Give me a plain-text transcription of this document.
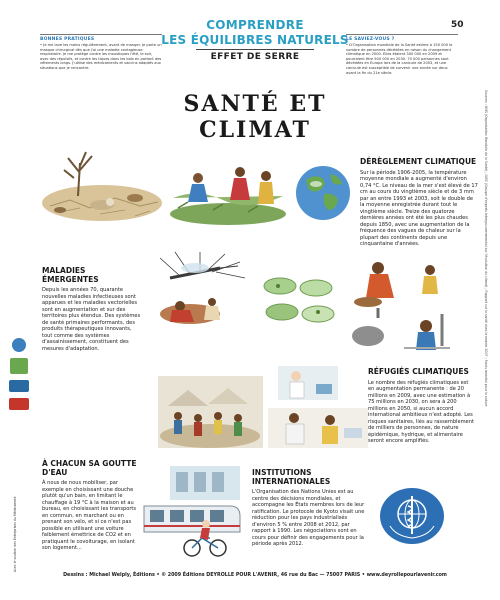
BONNES PRATIQUES
• Je me lave les mains régulièrement, avant de manger. Je porte un masque chirurgical dès que j'ai une maladie contagieuse respiratoire. Je me protège contre les moustiques l'été, le soir, avec des répulsifs, et contre les tiques dans les bois en portant des vêtements longs. J'utilise des médicaments et vaccins adaptés aux situations que je rencontre.
COMPRENDRE
LES ÉQUILIBRES NATURELS
EFFET DE SERRE
LE SAVIEZ-VOUS ?
• D'Organisation mondiale de la Santé estime à 150 000 le nombre de personnes décédées en raison du changement climatique en 2000. Elles étaient 300 000 en 2009 et pourraient être 500 000 en 2030. 70 000 personnes sont décédées en Europe lors de la canicule de 2003, et une canicule est susceptible de survenir une année sur deux avant la fin du 21e siècle.
50
SANTÉ ET CLIMAT
DÉRÈGLEMENT CLIMATIQUE
Sur la période 1906-2005, la température moyenne mondiale a augmenté d'environ 0,74 °C. Le niveau de la mer s'est élevé de 17 cm au cours du vingtième siècle et de 3 mm par an entre 1993 et 2003, soit le double de la moyenne enregistrée durant tout le vingtième siècle. Treize des quatorze dernières années ont été les plus chaudes depuis 1850, avec une augmentation de la fréquence des vagues de chaleur sur la plupart des continents depuis une cinquantaine d'années.
MALADIES ÉMERGENTES
Depuis les années 70, quarante nouvelles maladies infectieuses sont apparues et les maladies vectorielles sont en augmentation et sur des territoires plus étendus. Des systèmes de santé primaires performants, des produits thérapeutiques innovants, tout comme des systèmes d'assainissement, constituent des mesures d'adaptation.
RÉFUGIÉS CLIMATIQUES
Le nombre des réfugiés climatiques est en augmentation permanente : de 20 millions en 2009, avec une estimation à 75 millions en 2030, on sera à 200 millions en 2050, si aucun accord international ambitieux n'est adopté. Les risques sanitaires, liés au rassemblement de milliers de personnes, de nature épidémique, hydrique, et alimentaire seront encore amplifiés.
À CHACUN SA GOUTTE D'EAU
À nous de nous mobiliser, par exemple en choisissant une douche plutôt qu'un bain, en limitant le chauffage à 19 °C à la maison et au bureau, en choisissant les transports en commun, en marchant ou en prenant son vélo, et si ce n'est pas possible en utilisant une voiture faiblement émettrice de CO2 et en pratiquant le covoiturage, en isolant son logement...
INSTITUTIONS INTERNATIONALES
L'Organisation des Nations Unies est au centre des décisions mondiales, et accompagne les États membres lors de leur ratification. Le protocole de Kyoto visait une réduction pour les pays industrialisés d'environ 5 % entre 2008 et 2012, par rapport à 1990. Les négociations sont en cours pour définir des engagements pour la période après 2012.
Avec le soutien des Entreprises du Médicament
Sources : OMS (Organisation Mondiale de la Santé) ; GIEC (Groupe d'experts intergouvernemental sur l'évolution du climat) ; Rapport sur la santé dans le monde 2007 ; Fonds mondial pour la nature
Dessins : Michael Welply, Éditions • © 2009 Éditions DEYROLLE POUR L'AVENIR, 46 rue du Bac — 75007 PARIS • www.deyrollepourlavenir.com
